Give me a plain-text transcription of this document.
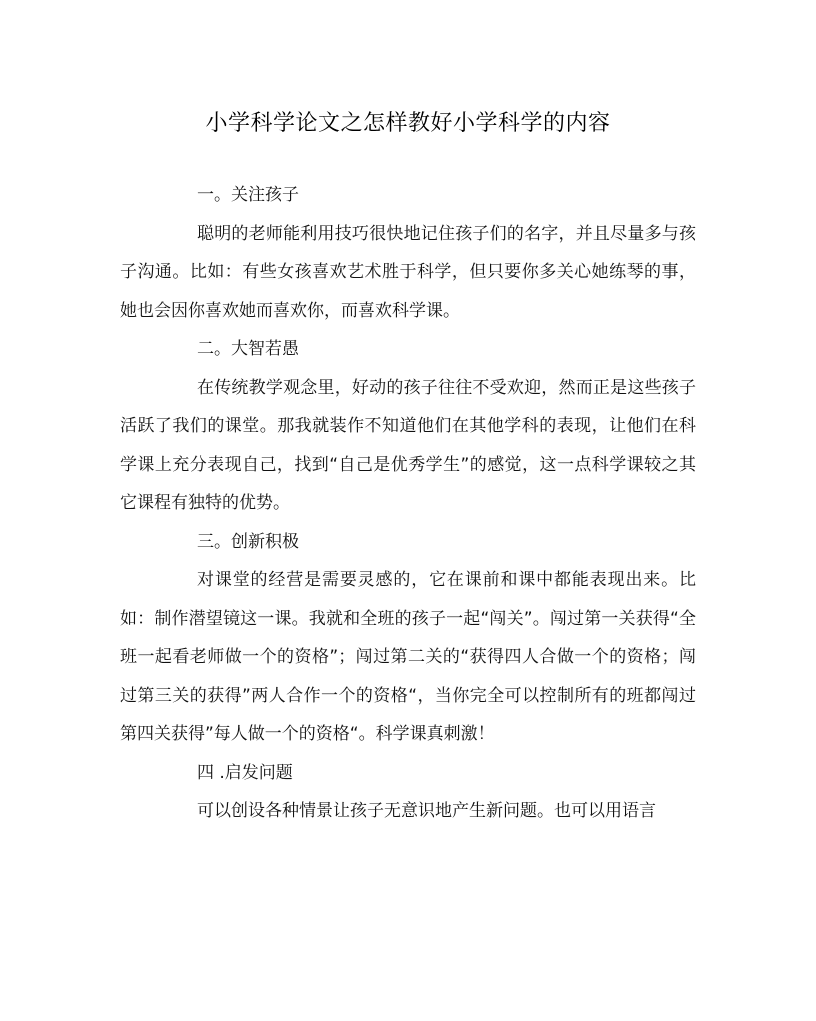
小学科学论文之怎样教好小学科学的内容

一。关注孩子

聪明的老师能利用技巧很快地记住孩子们的名字，并且尽量多与孩子沟通。比如：有些女孩喜欢艺术胜于科学，但只要你多关心她练琴的事，她也会因你喜欢她而喜欢你，而喜欢科学课。

二。大智若愚

在传统教学观念里，好动的孩子往往不受欢迎，然而正是这些孩子活跃了我们的课堂。那我就装作不知道他们在其他学科的表现，让他们在科学课上充分表现自己，找到“自己是优秀学生”的感觉，这一点科学课较之其它课程有独特的优势。

三。创新积极

对课堂的经营是需要灵感的，它在课前和课中都能表现出来。比如：制作潜望镜这一课。我就和全班的孩子一起“闯关”。闯过第一关获得“全班一起看老师做一个的资格”；闯过第二关的“获得四人合做一个的资格；闯过第三关的获得”两人合作一个的资格“，当你完全可以控制所有的班都闯过第四关获得”每人做一个的资格“。科学课真刺激！

四 .启发问题

可以创设各种情景让孩子无意识地产生新问题。也可以用语言
